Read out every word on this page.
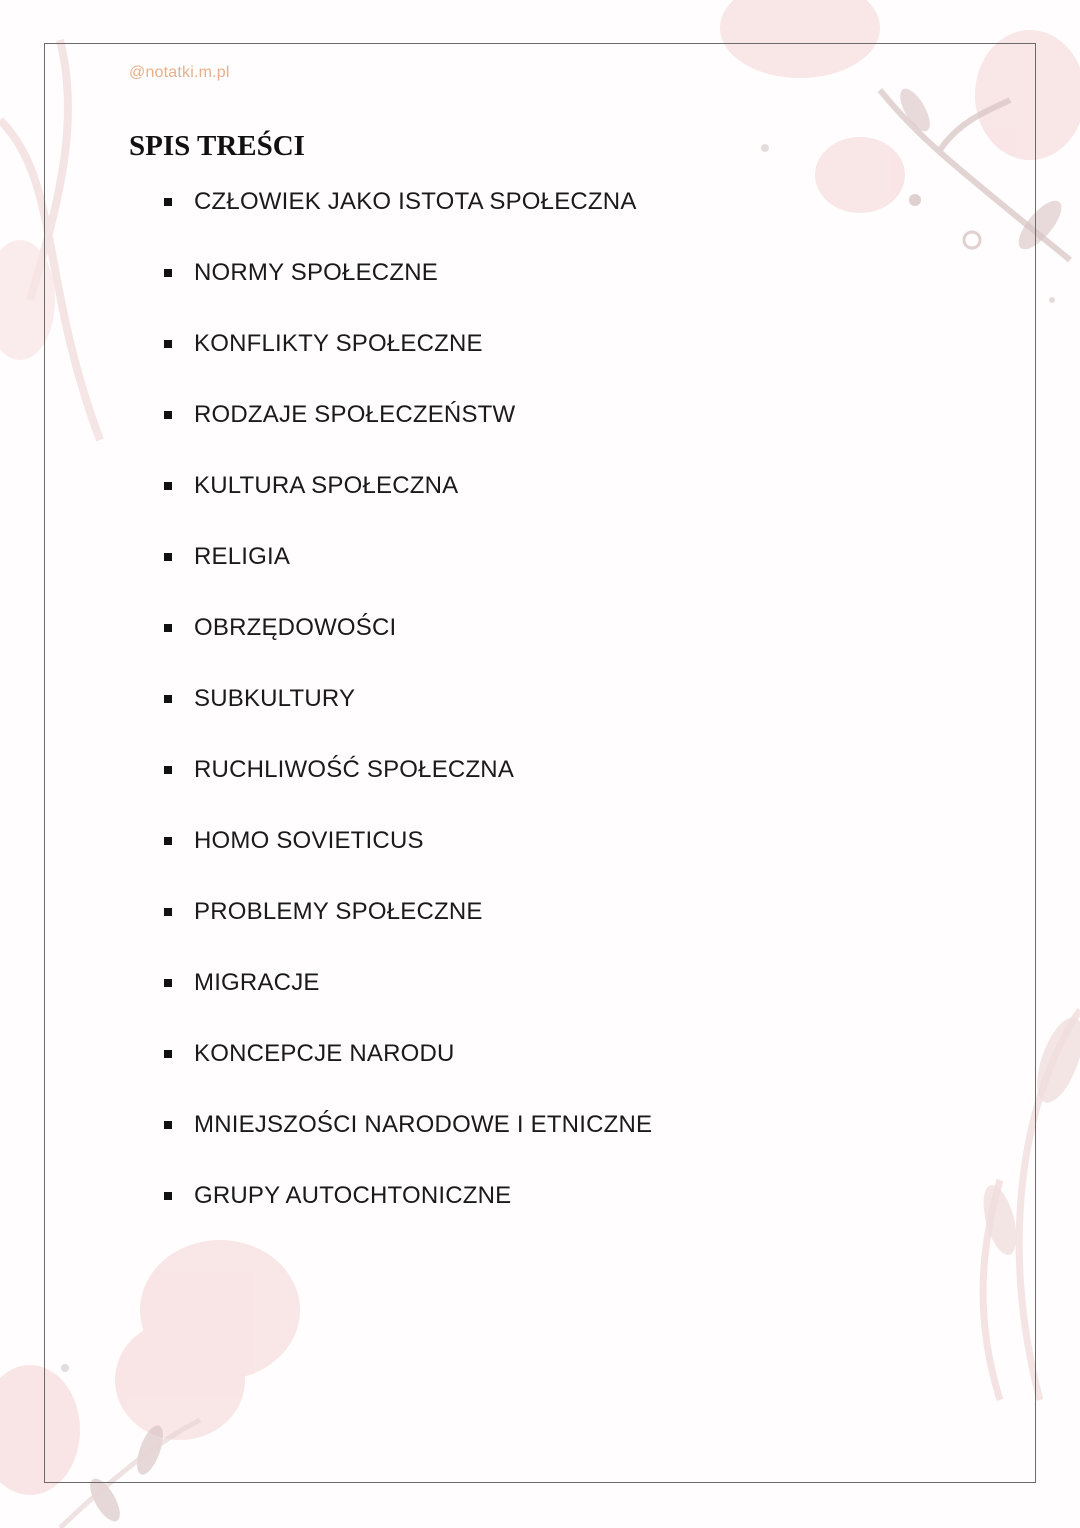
@notatki.m.pl
SPIS TREŚCI
CZŁOWIEK JAKO ISTOTA SPOŁECZNA
NORMY SPOŁECZNE
KONFLIKTY SPOŁECZNE
RODZAJE SPOŁECZEŃSTW
KULTURA SPOŁECZNA
RELIGIA
OBRZĘDOWOŚCI
SUBKULTURY
RUCHLIWOŚĆ SPOŁECZNA
HOMO SOVIETICUS
PROBLEMY SPOŁECZNE
MIGRACJE
KONCEPCJE NARODU
MNIEJSZOŚCI NARODOWE I ETNICZNE
GRUPY AUTOCHTONICZNE
